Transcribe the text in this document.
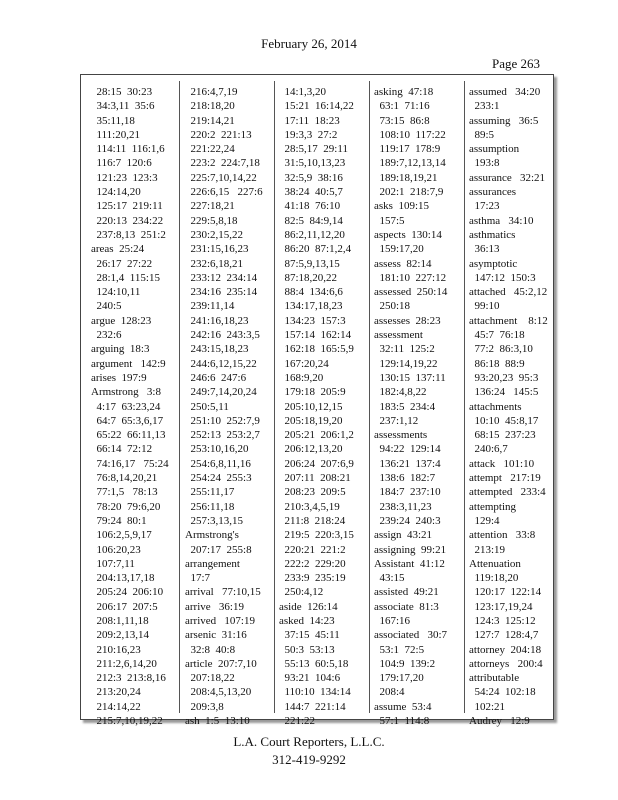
February 26, 2014
Page 263
28:15  30:23
34:3,11  35:6
35:11,18
111:20,21
114:11  116:1,6
116:7  120:6
121:23  123:3
124:14,20
125:17  219:11
220:13  234:22
237:8,13  251:2
areas  25:24
26:17  27:22
28:1,4  115:15
124:10,11
240:5
argue  128:23
232:6
arguing  18:3
argument   142:9
arises  197:9
Armstrong   3:8
4:17  63:23,24
64:7  65:3,6,17
65:22  66:11,13
66:14  72:12
74:16,17   75:24
76:8,14,20,21
77:1,5   78:13
78:20  79:6,20
79:24  80:1
106:2,5,9,17
106:20,23
107:7,11
204:13,17,18
205:24  206:10
206:17  207:5
208:1,11,18
209:2,13,14
210:16,23
211:2,6,14,20
212:3  213:8,16
213:20,24
214:14,22
215:7,10,19,22
216:4,7,19
218:18,20
219:14,21
220:2  221:13
221:22,24
223:2  224:7,18
225:7,10,14,22
226:6,15   227:6
227:18,21
229:5,8,18
230:2,15,22
231:15,16,23
232:6,18,21
233:12  234:14
234:16  235:14
239:11,14
241:16,18,23
242:16  243:3,5
243:15,18,23
244:6,12,15,22
246:6  247:6
249:7,14,20,24
250:5,11
251:10  252:7,9
252:13  253:2,7
253:10,16,20
254:6,8,11,16
254:24  255:3
255:11,17
256:11,18
257:3,13,15
Armstrong's
207:17  255:8
arrangement
17:7
arrival   77:10,15
arrive   36:19
arrived   107:19
arsenic  31:16
32:8  40:8
article  207:7,10
207:18,22
208:4,5,13,20
209:3,8
ash  1:5  13:10
14:1,3,20
15:21  16:14,22
17:11  18:23
19:3,3  27:2
28:5,17  29:11
31:5,10,13,23
32:5,9  38:16
38:24  40:5,7
41:18  76:10
82:5  84:9,14
86:2,11,12,20
86:20  87:1,2,4
87:5,9,13,15
87:18,20,22
88:4  134:6,6
134:17,18,23
134:23  157:3
157:14  162:14
162:18  165:5,9
167:20,24
168:9,20
179:18  205:9
205:10,12,15
205:18,19,20
205:21  206:1,2
206:12,13,20
206:24  207:6,9
207:11  208:21
208:23  209:5
210:3,4,5,19
211:8  218:24
219:5  220:3,15
220:21  221:2
222:2  229:20
233:9  235:19
250:4,12
aside  126:14
asked  14:23
37:15  45:11
50:3  53:13
55:13  60:5,18
93:21  104:6
110:10  134:14
144:7  221:14
221:22
asking  47:18
63:1  71:16
73:15  86:8
108:10  117:22
119:17  178:9
189:7,12,13,14
189:18,19,21
202:1  218:7,9
asks  109:15
157:5
aspects  130:14
159:17,20
assess  82:14
181:10  227:12
assessed  250:14
250:18
assesses  28:23
assessment
32:11  125:2
129:14,19,22
130:15  137:11
182:4,8,22
183:5  234:4
237:1,12
assessments
94:22  129:14
136:21  137:4
138:6  182:7
184:7  237:10
238:3,11,23
239:24  240:3
assign  43:21
assigning  99:21
Assistant  41:12
43:15
assisted  49:21
associate  81:3
167:16
associated   30:7
53:1  72:5
104:9  139:2
179:17,20
208:4
assume  53:4
57:1  114:8
assumed   34:20
233:1
assuming   36:5
89:5
assumption
193:8
assurance   32:21
assurances
17:23
asthma   34:10
asthmatics
36:13
asymptotic
147:12  150:3
attached   45:2,12
99:10
attachment    8:12
45:7  76:18
77:2  86:3,10
86:18  88:9
93:20,23  95:3
136:24   145:5
attachments
10:10  45:8,17
68:15  237:23
240:6,7
attack   101:10
attempt   217:19
attempted   233:4
attempting
129:4
attention   33:8
213:19
Attenuation
119:18,20
120:17  122:14
123:17,19,24
124:3  125:12
127:7  128:4,7
attorney  204:18
attorneys   200:4
attributable
54:24  102:18
102:21
Audrey   12:9
L.A. Court Reporters, L.L.C.
312-419-9292
